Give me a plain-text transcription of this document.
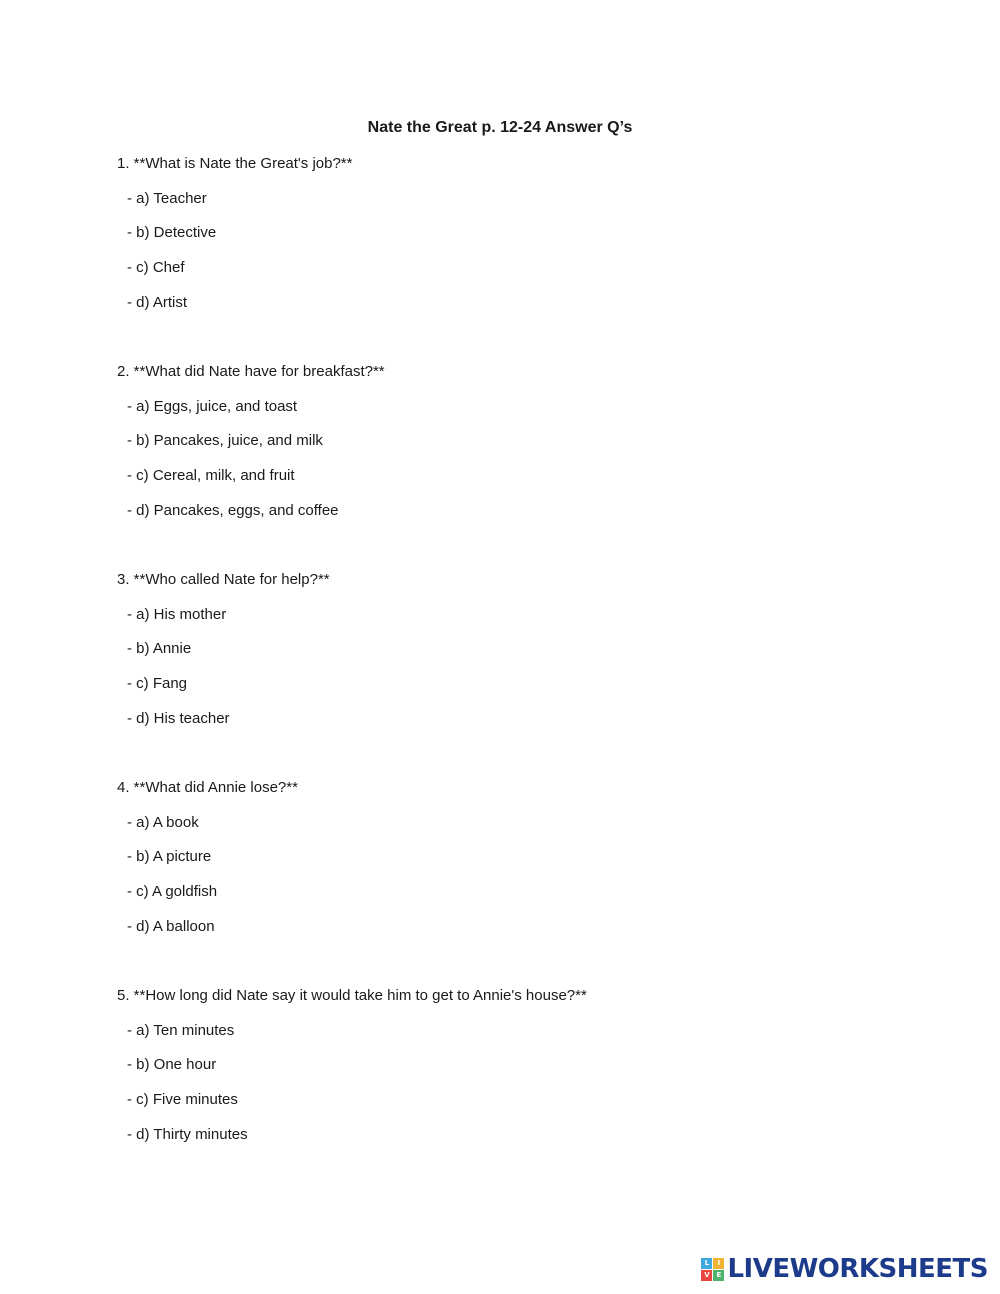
Nate the Great p. 12-24 Answer Q’s
1. **What is Nate the Great's job?**
- a) Teacher
- b) Detective
- c) Chef
- d) Artist
2. **What did Nate have for breakfast?**
- a) Eggs, juice, and toast
- b) Pancakes, juice, and milk
- c) Cereal, milk, and fruit
- d) Pancakes, eggs, and coffee
3. **Who called Nate for help?**
- a) His mother
- b) Annie
- c) Fang
- d) His teacher
4. **What did Annie lose?**
- a) A book
- b) A picture
- c) A goldfish
- d) A balloon
5. **How long did Nate say it would take him to get to Annie's house?**
- a) Ten minutes
- b) One hour
- c) Five minutes
- d) Thirty minutes
L	I
V E LIVEWORKSHEETS
